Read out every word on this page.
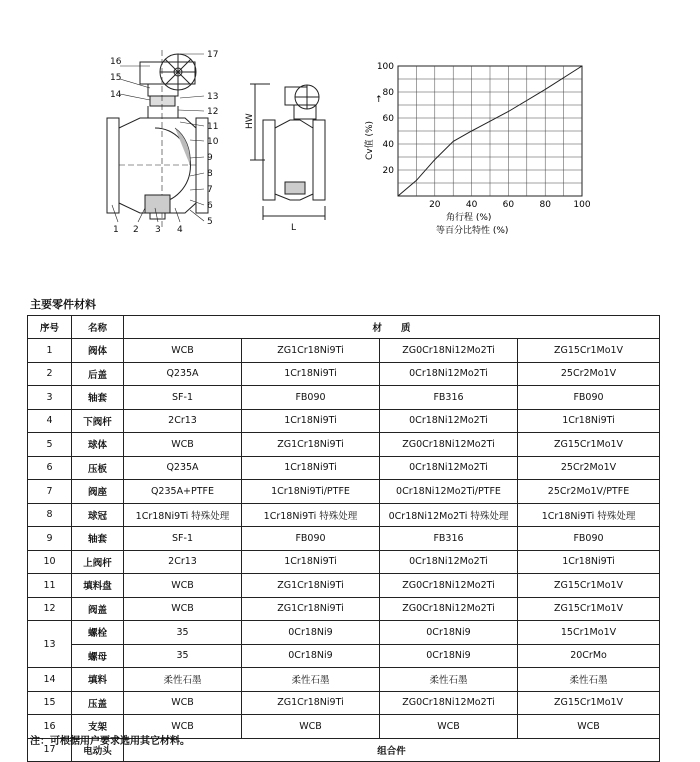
16
15
14
17
13
12
11
10
9
8
7
6
5
1 2 3 4
HW
L
20	40	60	80 100
20
40
60
80
100
Cv值 (%)
↑
角行程 (%)
等百分比特性 (%)
主要零件材料
序号	名称	材　　质			
1	阀体	WCB	ZG1Cr18Ni9Ti	ZG0Cr18Ni12Mo2Ti	ZG15Cr1Mo1V
2	后盖	Q235A	1Cr18Ni9Ti	0Cr18Ni12Mo2Ti	25Cr2Mo1V
3	轴套	SF-1	FB090	FB316	FB090
4	下阀杆	2Cr13	1Cr18Ni9Ti	0Cr18Ni12Mo2Ti	1Cr18Ni9Ti
5	球体	WCB	ZG1Cr18Ni9Ti	ZG0Cr18Ni12Mo2Ti	ZG15Cr1Mo1V
6	压板	Q235A	1Cr18Ni9Ti	0Cr18Ni12Mo2Ti	25Cr2Mo1V
7	阀座	Q235A+PTFE	1Cr18Ni9Ti/PTFE	0Cr18Ni12Mo2Ti/PTFE	25Cr2Mo1V/PTFE
8	球冠	1Cr18Ni9Ti 特殊处理	1Cr18Ni9Ti 特殊处理	0Cr18Ni12Mo2Ti 特殊处理	1Cr18Ni9Ti 特殊处理
9	轴套	SF-1	FB090	FB316	FB090
10	上阀杆	2Cr13	1Cr18Ni9Ti	0Cr18Ni12Mo2Ti	1Cr18Ni9Ti
11	填料盘	WCB	ZG1Cr18Ni9Ti	ZG0Cr18Ni12Mo2Ti	ZG15Cr1Mo1V
12	阀盖	WCB	ZG1Cr18Ni9Ti	ZG0Cr18Ni12Mo2Ti	ZG15Cr1Mo1V
13	螺栓	35	0Cr18Ni9	0Cr18Ni9	15Cr1Mo1V
	螺母	35	0Cr18Ni9	0Cr18Ni9	20CrMo
14	填料	柔性石墨	柔性石墨	柔性石墨	柔性石墨
15	压盖	WCB	ZG1Cr18Ni9Ti	ZG0Cr18Ni12Mo2Ti	ZG15Cr1Mo1V
16	支架	WCB	WCB	WCB	WCB
17	电动头	组合件			
注：可根据用户要求选用其它材料。
